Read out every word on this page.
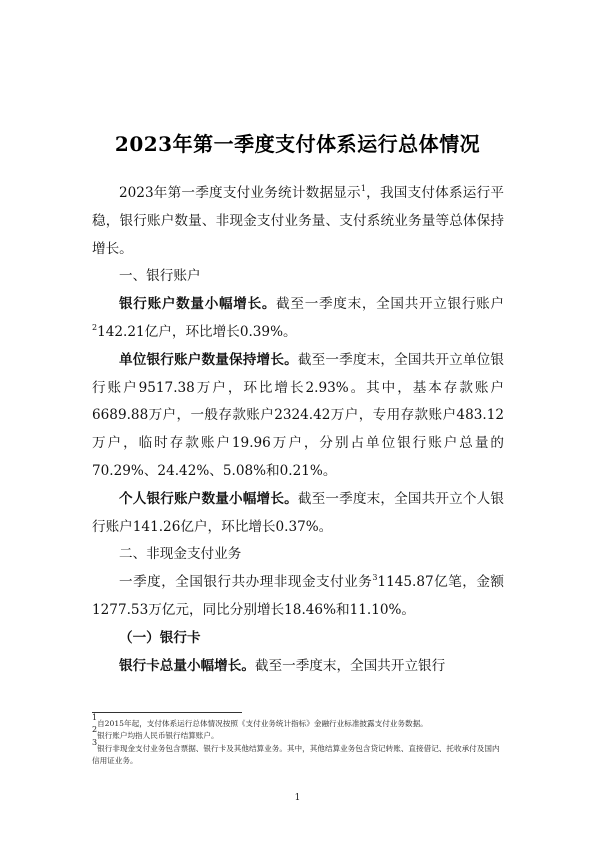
2023年第一季度支付体系运行总体情况

2023年第一季度支付业务统计数据显示$^1$，我国支付体系运行平稳，银行账户数量、非现金支付业务量、支付系统业务量等总体保持增长。

一、银行账户

银行账户数量小幅增长。截至一季度末，全国共开立银行账户$^2$142.21亿户，环比增长0.39%。

单位银行账户数量保持增长。截至一季度末，全国共开立单位银行账户9517.38万户，环比增长2.93%。其中，基本存款账户6689.88万户，一般存款账户2324.42万户，专用存款账户483.12万户，临时存款账户19.96万户，分别占单位银行账户总量的70.29%、24.42%、5.08%和0.21%。

个人银行账户数量小幅增长。截至一季度末，全国共开立个人银行账户141.26亿户，环比增长0.37%。

二、非现金支付业务

一季度，全国银行共办理非现金支付业务$^3$1145.87亿笔，金额1277.53万亿元，同比分别增长18.46%和11.10%。

（一）银行卡

银行卡总量小幅增长。截至一季度末，全国共开立银行

$^1$自2015年起，支付体系运行总体情况按照《支付业务统计指标》金融行业标准披露支付业务数据。
$^2$银行账户均指人民币银行结算账户。
$^3$银行非现金支付业务包含票据、银行卡及其他结算业务。其中，其他结算业务包含贷记转账、直接借记、托收承付及国内信用证业务。
1
